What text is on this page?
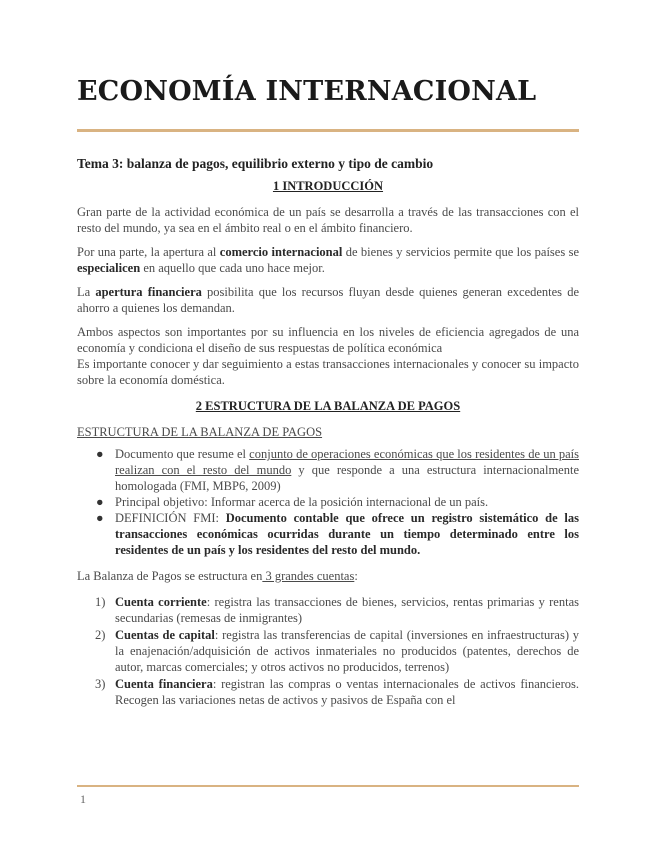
ECONOMÍA INTERNACIONAL

Tema 3: balanza de pagos, equilibrio externo y tipo de cambio

1 INTRODUCCIÓN

Gran parte de la actividad económica de un país se desarrolla a través de las transacciones con el resto del mundo, ya sea en el ámbito real o en el ámbito financiero.

Por una parte, la apertura al comercio internacional de bienes y servicios permite que los países se especialicen en aquello que cada uno hace mejor.

La apertura financiera posibilita que los recursos fluyan desde quienes generan excedentes de ahorro a quienes los demandan.

Ambos aspectos son importantes por su influencia en los niveles de eficiencia agregados de una economía y condiciona el diseño de sus respuestas de política económica
Es importante conocer y dar seguimiento a estas transacciones internacionales y conocer su impacto sobre la economía doméstica.

2 ESTRUCTURA DE LA BALANZA DE PAGOS

ESTRUCTURA DE LA BALANZA DE PAGOS

● Documento que resume el conjunto de operaciones económicas que los residentes de un país realizan con el resto del mundo y que responde a una estructura internacionalmente homologada (FMI, MBP6, 2009)
● Principal objetivo: Informar acerca de la posición internacional de un país.
● DEFINICIÓN FMI: Documento contable que ofrece un registro sistemático de las transacciones económicas ocurridas durante un tiempo determinado entre los residentes de un país y los residentes del resto del mundo.

La Balanza de Pagos se estructura en 3 grandes cuentas:

1) Cuenta corriente: registra las transacciones de bienes, servicios, rentas primarias y rentas secundarias (remesas de inmigrantes)
2) Cuentas de capital: registra las transferencias de capital (inversiones en infraestructuras) y la enajenación/adquisición de activos inmateriales no producidos (patentes, derechos de autor, marcas comerciales; y otros activos no producidos, terrenos)
3) Cuenta financiera: registran las compras o ventas internacionales de activos financieros. Recogen las variaciones netas de activos y pasivos de España con el
1
